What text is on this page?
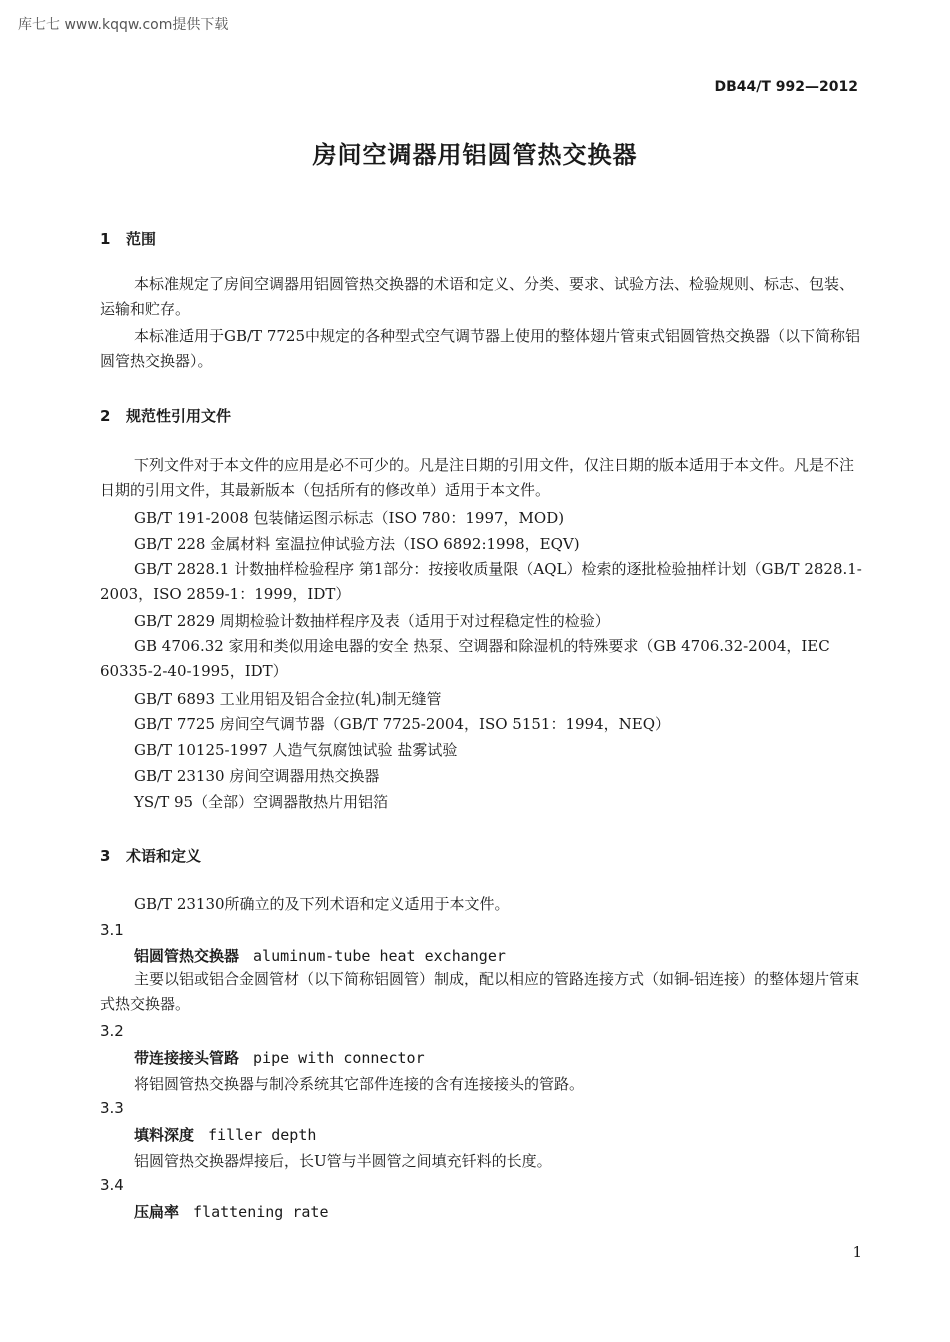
库七七 www.kqqw.com提供下载
DB44/T 992—2012
房间空调器用铝圆管热交换器
1 范围
本标准规定了房间空调器用铝圆管热交换器的术语和定义、分类、要求、试验方法、检验规则、标志、包装、运输和贮存。
本标准适用于GB/T 7725中规定的各种型式空气调节器上使用的整体翅片管束式铝圆管热交换器（以下简称铝圆管热交换器）。
2 规范性引用文件
下列文件对于本文件的应用是必不可少的。凡是注日期的引用文件，仅注日期的版本适用于本文件。凡是不注日期的引用文件，其最新版本（包括所有的修改单）适用于本文件。
GB/T 191-2008 包装储运图示标志（ISO 780：1997，MOD)
GB/T 228 金属材料 室温拉伸试验方法（ISO 6892:1998，EQV)
GB/T 2828.1 计数抽样检验程序 第1部分：按接收质量限（AQL）检索的逐批检验抽样计划（GB/T 2828.1-2003，ISO 2859-1：1999，IDT）
GB/T 2829 周期检验计数抽样程序及表（适用于对过程稳定性的检验）
GB 4706.32 家用和类似用途电器的安全 热泵、空调器和除湿机的特殊要求（GB 4706.32-2004，IEC 60335-2-40-1995，IDT）
GB/T 6893 工业用铝及铝合金拉(轧)制无缝管
GB/T 7725 房间空气调节器（GB/T 7725-2004，ISO 5151：1994，NEQ）
GB/T 10125-1997 人造气氛腐蚀试验 盐雾试验
GB/T 23130 房间空调器用热交换器
YS/T 95（全部）空调器散热片用铝箔
3 术语和定义
GB/T 23130所确立的及下列术语和定义适用于本文件。
3.1
铝圆管热交换器 aluminum-tube heat exchanger
主要以铝或铝合金圆管材（以下简称铝圆管）制成，配以相应的管路连接方式（如铜-铝连接）的整体翅片管束式热交换器。
3.2
带连接接头管路 pipe with connector
将铝圆管热交换器与制冷系统其它部件连接的含有连接接头的管路。
3.3
填料深度 filler depth
铝圆管热交换器焊接后，长U管与半圆管之间填充钎料的长度。
3.4
压扁率 flattening rate
1
